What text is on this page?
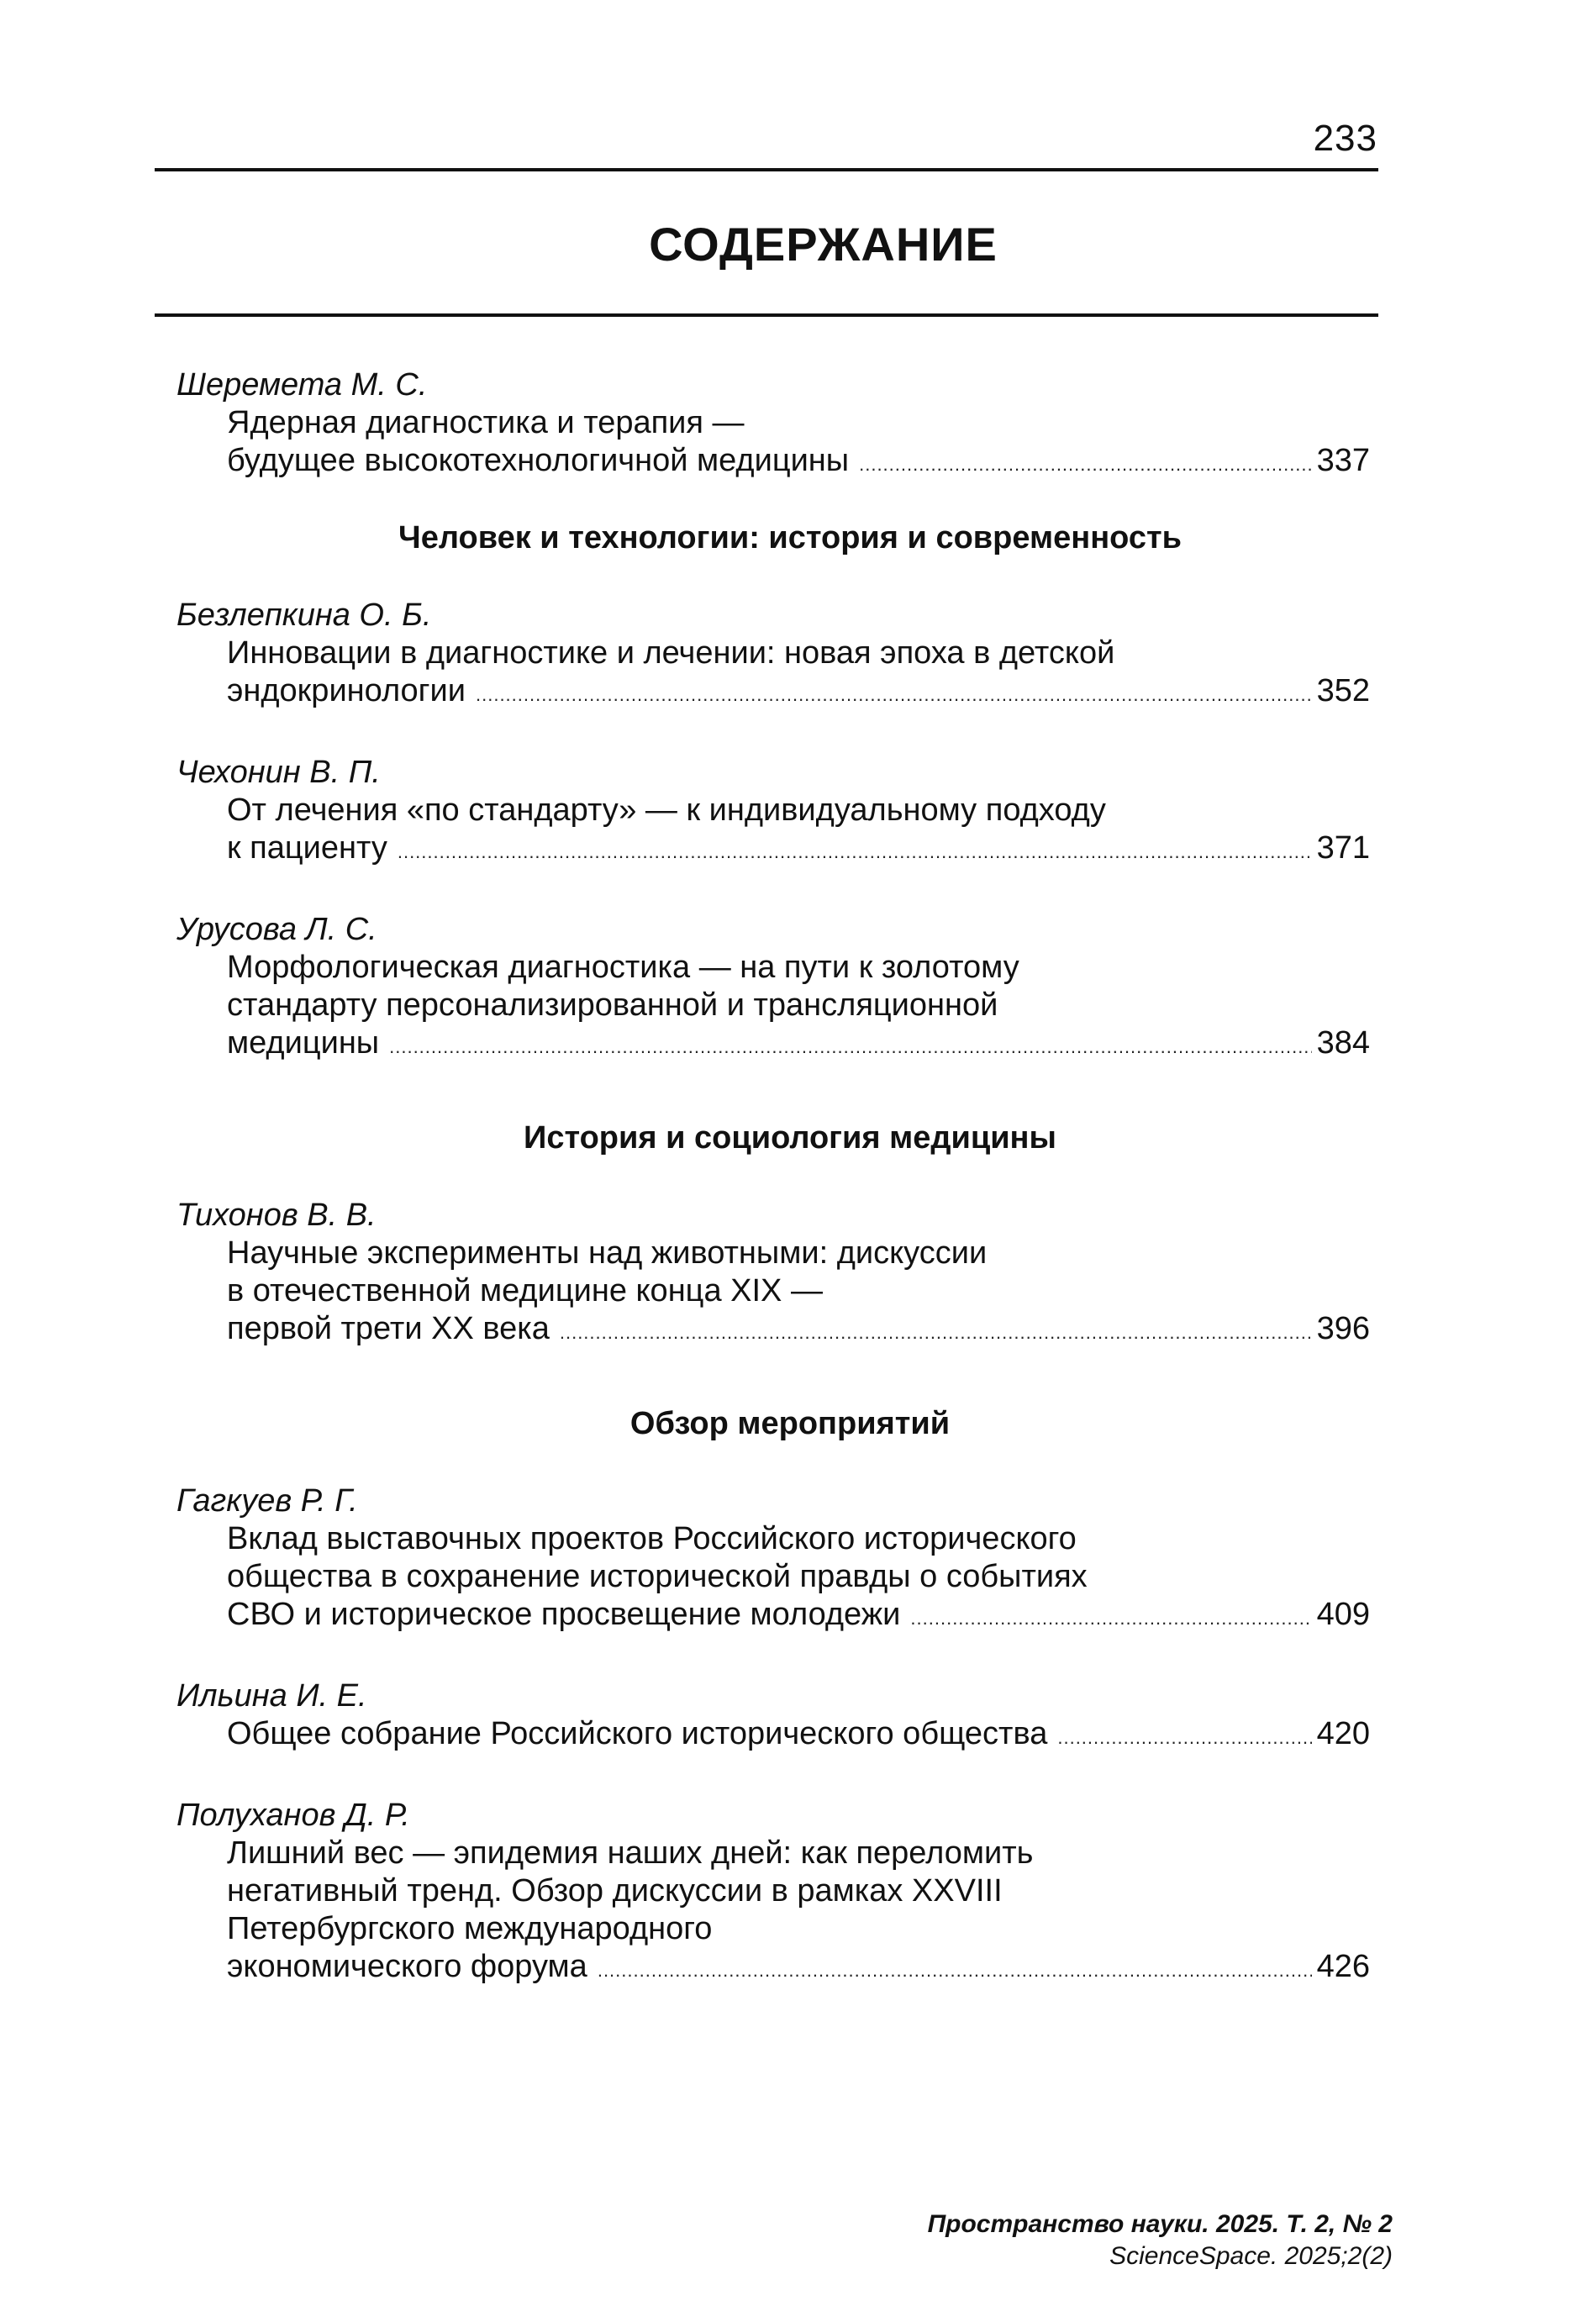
233
СОДЕРЖАНИЕ
Шеремета М. С.
Ядерная диагностика и терапия —
будущее высокотехнологичной медицины .....	337
Человек и технологии: история и современность
Безлепкина О. Б.
Инновации в диагностике и лечении: новая эпоха в детской
эндокринологии .....	352
Чехонин В. П.
От лечения «по стандарту» — к индивидуальному подходу
к пациенту .....	371
Урусова Л. С.
Морфологическая диагностика — на пути к золотому
стандарту персонализированной и трансляционной
медицины .....	384
История и социология медицины
Тихонов В. В.
Научные эксперименты над животными: дискуссии
в отечественной медицине конца XIX —
первой трети XX века .....	396
Обзор мероприятий
Гагкуев Р. Г.
Вклад выставочных проектов Российского исторического
общества в сохранение исторической правды о событиях
СВО и историческое просвещение молодежи .....	409
Ильина И. Е.
Общее собрание Российского исторического общества .....	420
Полуханов Д. Р.
Лишний вес — эпидемия наших дней: как переломить
негативный тренд. Обзор дискуссии в рамках XXVIII
Петербургского международного
экономического форума .....	426
Пространство науки. 2025. Т. 2, № 2
ScienceSpace. 2025;2(2)
